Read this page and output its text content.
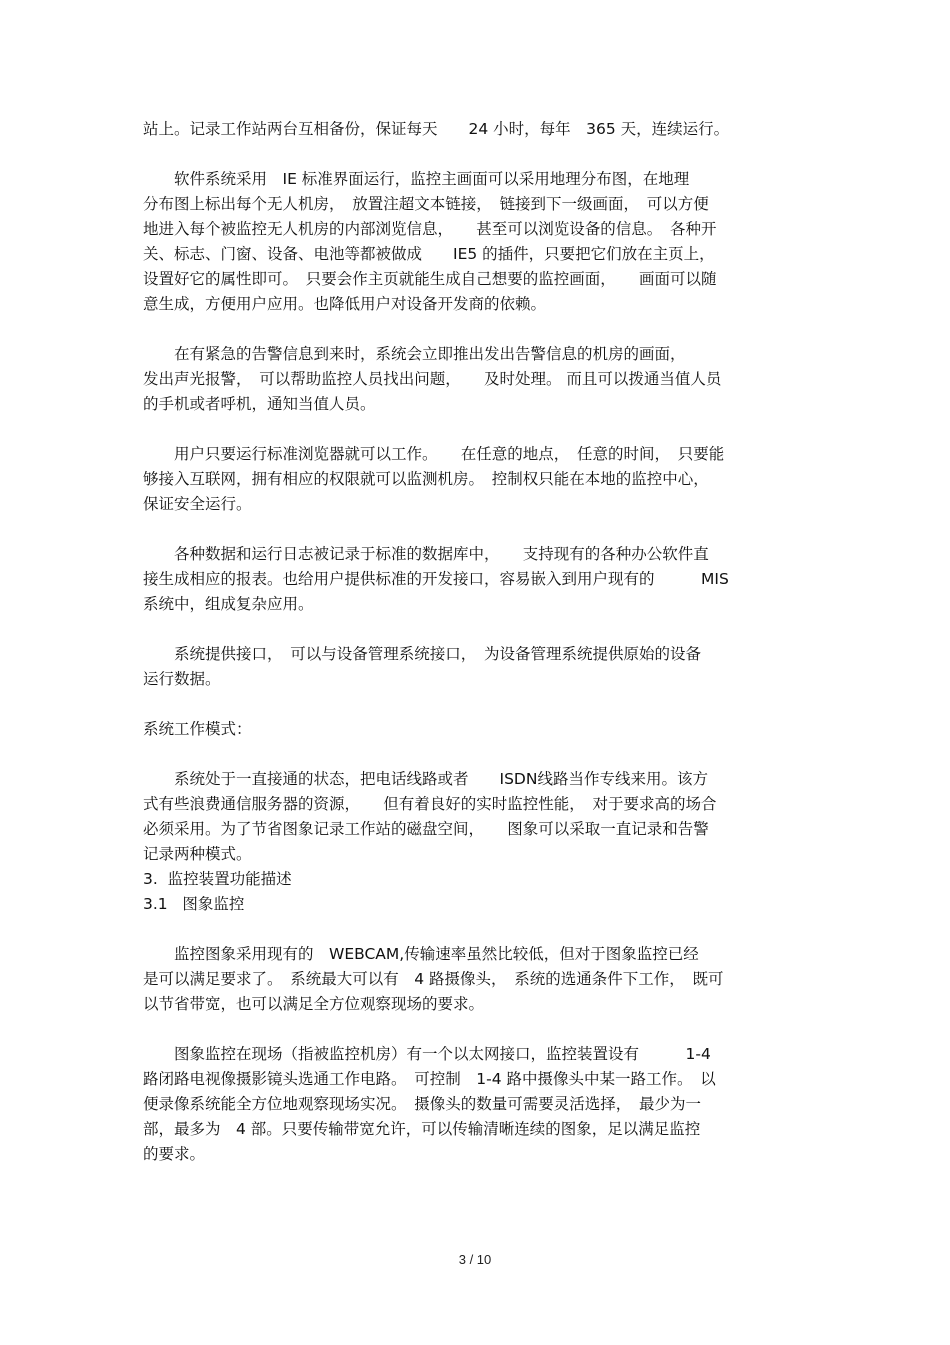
站上。记录工作站两台互相备份，保证每天　　24 小时，每年　365 天，连续运行。
　　软件系统采用　IE 标准界面运行，监控主画面可以采用地理分布图，在地理
分布图上标出每个无人机房，　放置注超文本链接，　链接到下一级画面，　可以方便
地进入每个被监控无人机房的内部浏览信息，　　甚至可以浏览设备的信息。　各种开
关、标志、门窗、设备、电池等都被做成　　IE5 的插件，只要把它们放在主页上，
设置好它的属性即可。　只要会作主页就能生成自己想要的监控画面，　　画面可以随
意生成，方便用户应用。也降低用户对设备开发商的依赖。
　　在有紧急的告警信息到来时，系统会立即推出发出告警信息的机房的画面，
发出声光报警，　可以帮助监控人员找出问题，　　及时处理。 而且可以拨通当值人员
的手机或者呼机，通知当值人员。
　　用户只要运行标准浏览器就可以工作。　　在任意的地点，　任意的时间，　只要能
够接入互联网，拥有相应的权限就可以监测机房。　控制权只能在本地的监控中心，
保证安全运行。
　　各种数据和运行日志被记录于标准的数据库中，　　支持现有的各种办公软件直
接生成相应的报表。也给用户提供标准的开发接口，容易嵌入到用户现有的　　　MIS
系统中，组成复杂应用。
　　系统提供接口，　可以与设备管理系统接口，　为设备管理系统提供原始的设备
运行数据。
系统工作模式：
　　系统处于一直接通的状态，把电话线路或者　　ISDN线路当作专线来用。该方
式有些浪费通信服务器的资源，　　但有着良好的实时监控性能，　对于要求高的场合
必须采用。为了节省图象记录工作站的磁盘空间，　　图象可以采取一直记录和告警
记录两种模式。
3.  监控装置功能描述
3.1   图象监控
　　监控图象采用现有的　WEBCAM,传输速率虽然比较低，但对于图象监控已经
是可以满足要求了。　系统最大可以有　4 路摄像头，　系统的选通条件下工作，　既可
以节省带宽，也可以满足全方位观察现场的要求。
　　图象监控在现场（指被监控机房）有一个以太网接口，监控装置设有　　　1-4
路闭路电视像摄影镜头选通工作电路。　可控制　1-4 路中摄像头中某一路工作。　以
便录像系统能全方位地观察现场实况。　摄像头的数量可需要灵活选择，　最少为一
部，最多为　4 部。只要传输带宽允许，可以传输清晰连续的图象，足以满足监控
的要求。
3 / 10
